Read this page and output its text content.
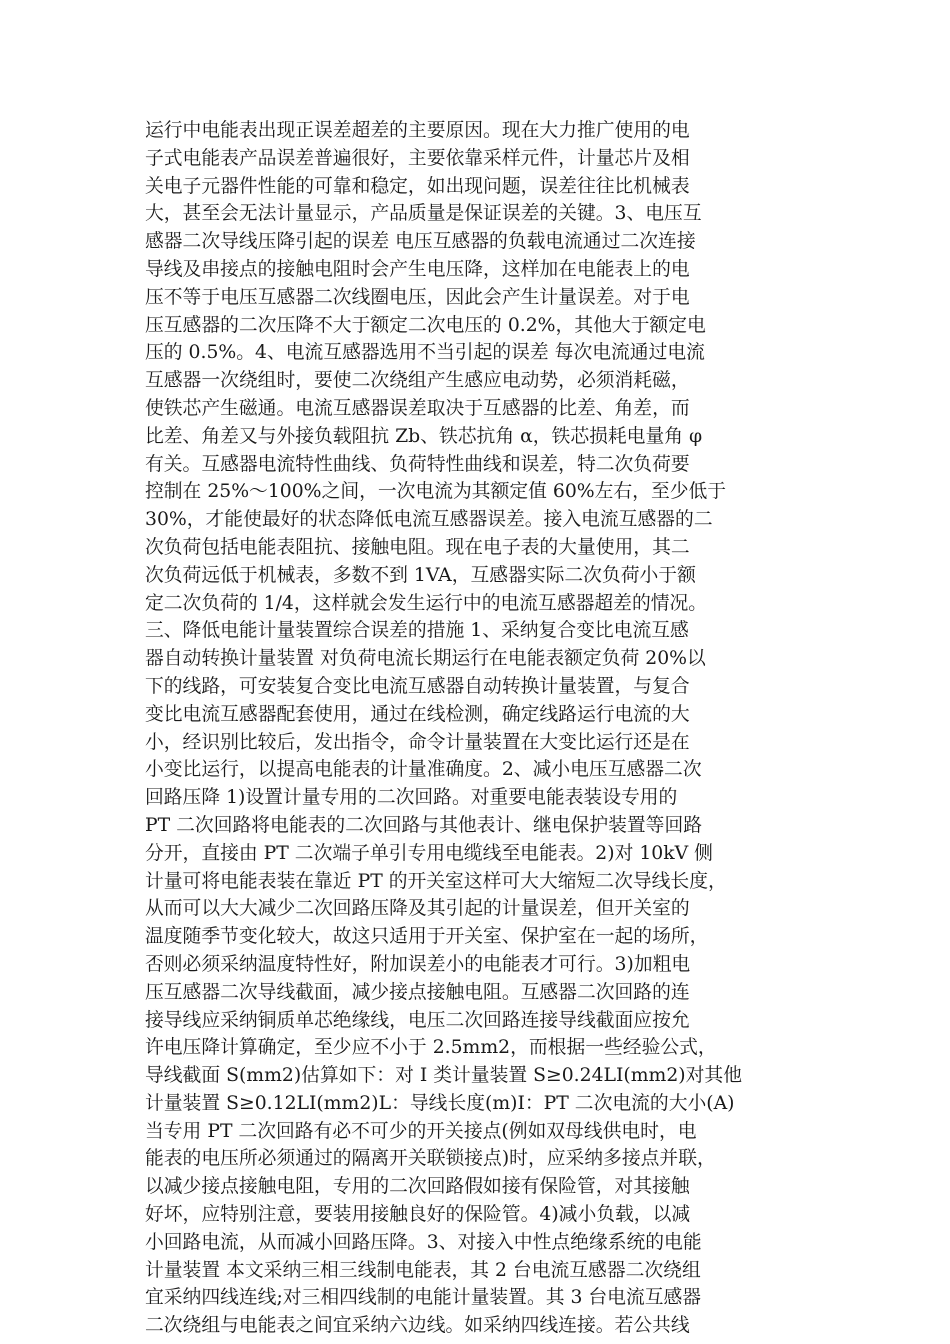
运行中电能表出现正误差超差的主要原因。现在大力推广使用的电
子式电能表产品误差普遍很好，主要依靠采样元件，计量芯片及相
关电子元器件性能的可靠和稳定，如出现问题，误差往往比机械表
大，甚至会无法计量显示，产品质量是保证误差的关键。3、电压互
感器二次导线压降引起的误差 电压互感器的负载电流通过二次连接
导线及串接点的接触电阻时会产生电压降，这样加在电能表上的电
压不等于电压互感器二次线圈电压，因此会产生计量误差。对于电
压互感器的二次压降不大于额定二次电压的 0.2%，其他大于额定电
压的 0.5%。4、电流互感器选用不当引起的误差 每次电流通过电流
互感器一次绕组时，要使二次绕组产生感应电动势，必须消耗磁，
使铁芯产生磁通。电流互感器误差取决于互感器的比差、角差，而
比差、角差又与外接负载阻抗 Zb、铁芯抗角 α，铁芯损耗电量角 φ
有关。互感器电流特性曲线、负荷特性曲线和误差，特二次负荷要
控制在 25%～100%之间，一次电流为其额定值 60%左右，至少低于
30%，才能使最好的状态降低电流互感器误差。接入电流互感器的二
次负荷包括电能表阻抗、接触电阻。现在电子表的大量使用，其二
次负荷远低于机械表，多数不到 1VA，互感器实际二次负荷小于额
定二次负荷的 1/4，这样就会发生运行中的电流互感器超差的情况。
三、降低电能计量装置综合误差的措施 1、采纳复合变比电流互感
器自动转换计量装置 对负荷电流长期运行在电能表额定负荷 20%以
下的线路，可安装复合变比电流互感器自动转换计量装置，与复合
变比电流互感器配套使用，通过在线检测，确定线路运行电流的大
小，经识别比较后，发出指令，命令计量装置在大变比运行还是在
小变比运行，以提高电能表的计量准确度。2、减小电压互感器二次
回路压降 1)设置计量专用的二次回路。对重要电能表装设专用的
PT 二次回路将电能表的二次回路与其他表计、继电保护装置等回路
分开，直接由 PT 二次端子单引专用电缆线至电能表。2)对 10kV 侧
计量可将电能表装在靠近 PT 的开关室这样可大大缩短二次导线长度，
从而可以大大减少二次回路压降及其引起的计量误差，但开关室的
温度随季节变化较大，故这只适用于开关室、保护室在一起的场所，
否则必须采纳温度特性好，附加误差小的电能表才可行。3)加粗电
压互感器二次导线截面，减少接点接触电阻。互感器二次回路的连
接导线应采纳铜质单芯绝缘线，电压二次回路连接导线截面应按允
许电压降计算确定，至少应不小于 2.5mm2，而根据一些经验公式，
导线截面 S(mm2)估算如下：对 I 类计量装置 S≥0.24LI(mm2)对其他
计量装置 S≥0.12LI(mm2)L：导线长度(m)I：PT 二次电流的大小(A)
当专用 PT 二次回路有必不可少的开关接点(例如双母线供电时，电
能表的电压所必须通过的隔离开关联锁接点)时，应采纳多接点并联，
以减少接点接触电阻，专用的二次回路假如接有保险管，对其接触
好坏，应特别注意，要装用接触良好的保险管。4)减小负载，以减
小回路电流，从而减小回路压降。3、对接入中性点绝缘系统的电能
计量装置 本文采纳三相三线制电能表，其 2 台电流互感器二次绕组
宜采纳四线连线;对三相四线制的电能计量装置。其 3 台电流互感器
二次绕组与电能表之间宜采纳六边线。如采纳四线连接。若公共线
